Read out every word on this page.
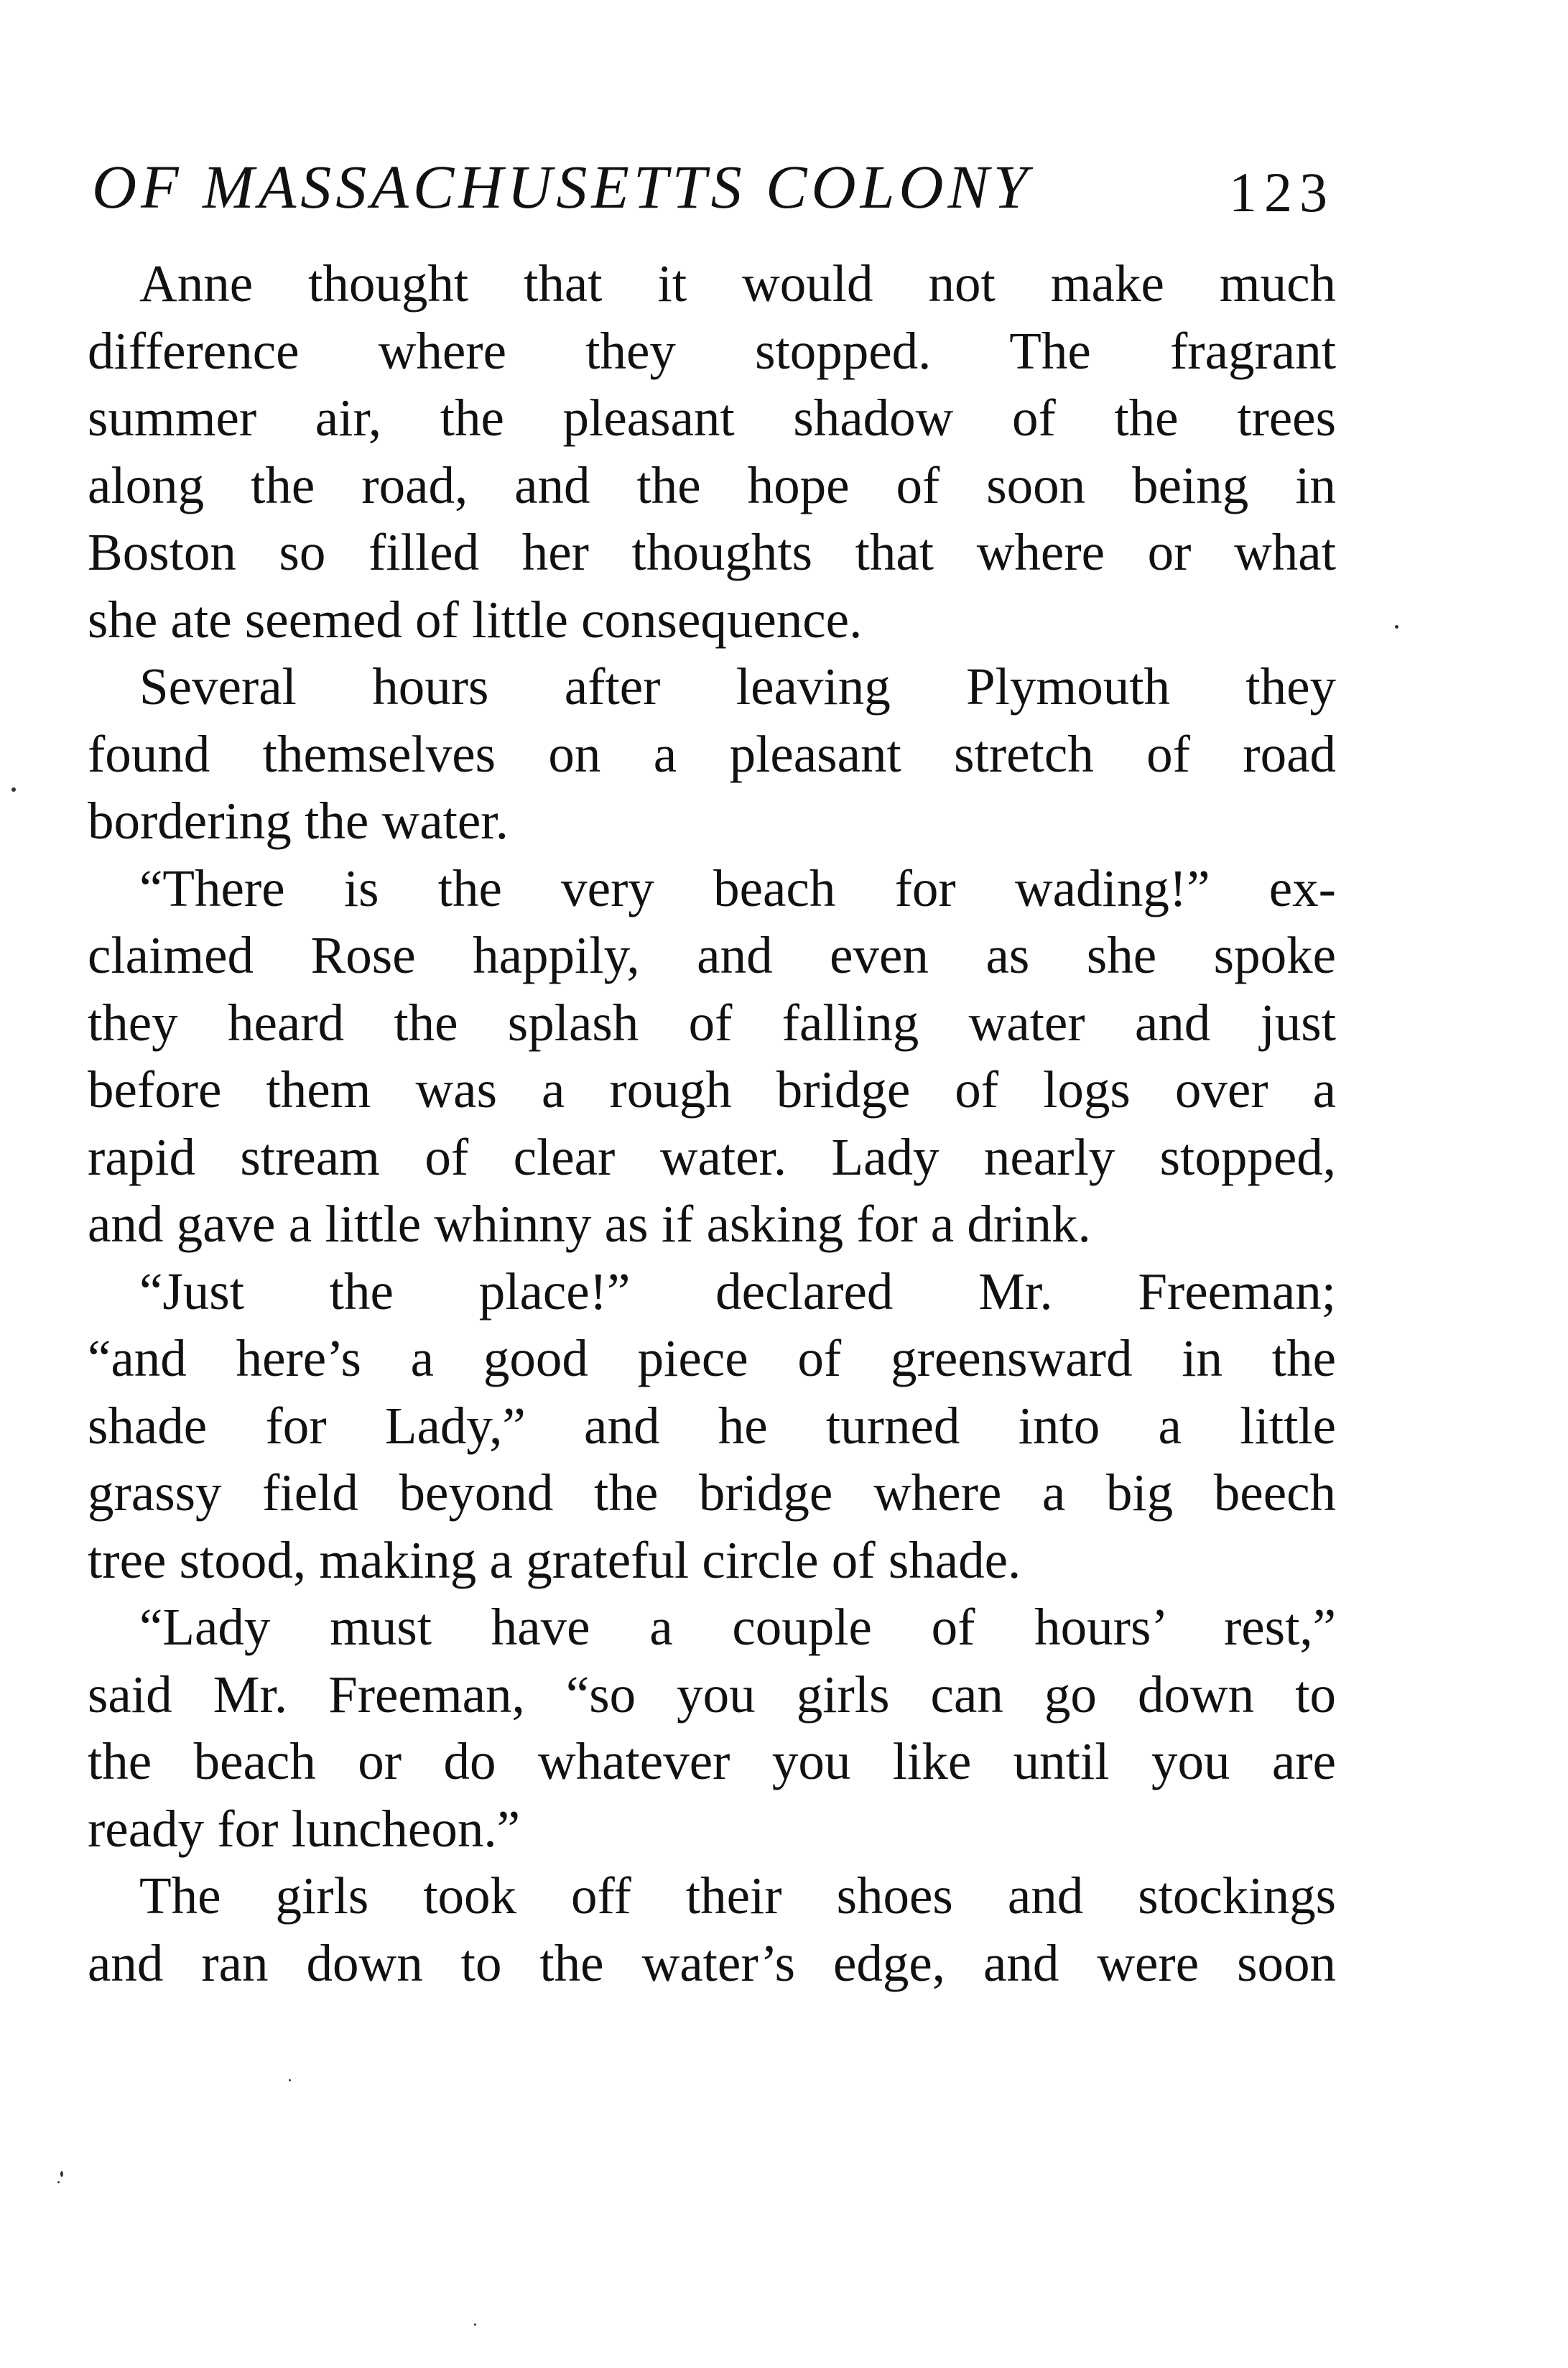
OF MASSACHUSETTS COLONY	123

Anne thought that it would not make much
difference where they stopped. The fragrant
summer air, the pleasant shadow of the trees
along the road, and the hope of soon being in
Boston so filled her thoughts that where or what
she ate seemed of little consequence.

Several hours after leaving Plymouth they
found themselves on a pleasant stretch of road
bordering the water.

“There is the very beach for wading!” ex-
claimed Rose happily, and even as she spoke
they heard the splash of falling water and just
before them was a rough bridge of logs over a
rapid stream of clear water. Lady nearly stopped,
and gave a little whinny as if asking for a drink.

“Just the place!” declared Mr. Freeman;
“and here’s a good piece of greensward in the
shade for Lady,” and he turned into a little
grassy field beyond the bridge where a big beech
tree stood, making a grateful circle of shade.

“Lady must have a couple of hours’ rest,”
said Mr. Freeman, “so you girls can go down to
the beach or do whatever you like until you are
ready for luncheon.”

The girls took off their shoes and stockings
and ran down to the water’s edge, and were soon
